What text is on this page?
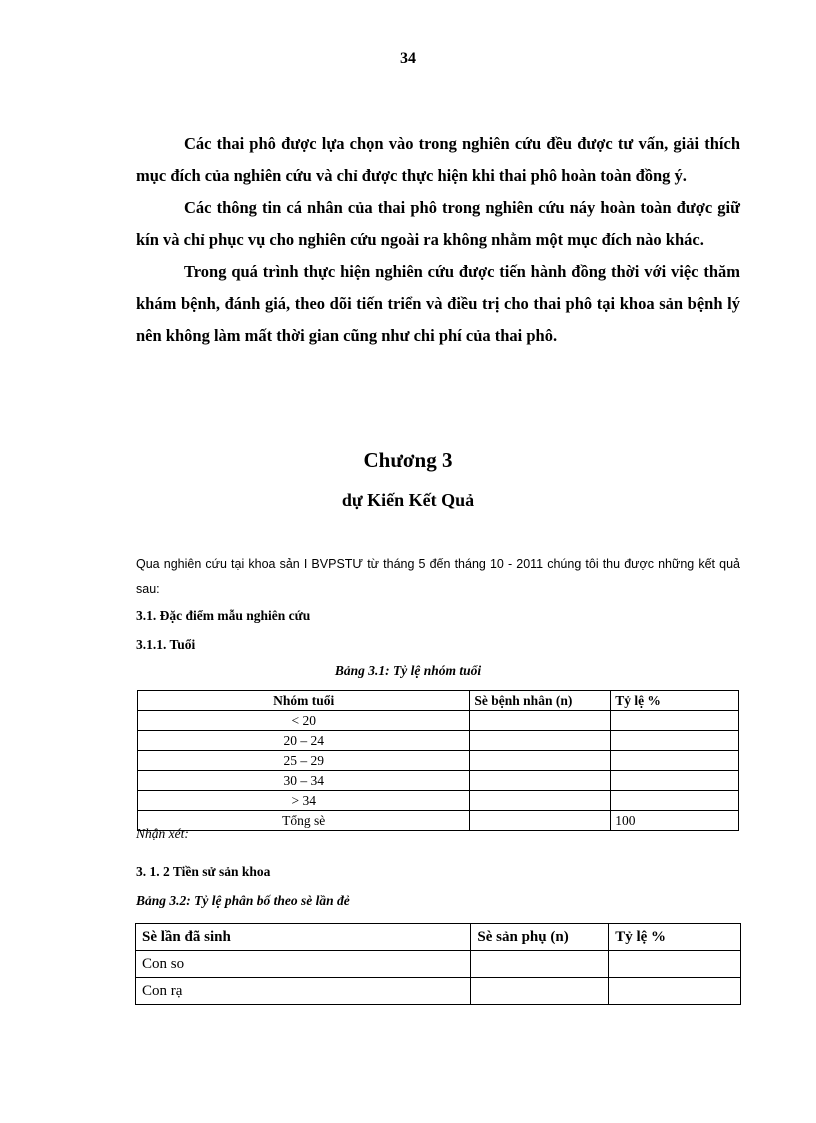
34

Các thai phô được lựa chọn vào trong nghiên cứu đều được tư vấn, giải thích mục đích của nghiên cứu và chỉ được thực hiện khi thai phô hoàn toàn đồng ý.

Các thông tin cá nhân của thai phô trong nghiên cứu náy hoàn toàn được giữ kín và chỉ phục vụ cho nghiên cứu ngoài ra không nhằm một mục đích nào khác.

Trong quá trình thực hiện nghiên cứu được tiến hành đồng thời với việc thăm khám bệnh, đánh giá, theo dõi tiến triển và điều trị cho thai phô tại khoa sản bệnh lý nên không làm mất thời gian cũng như chi phí của thai phô.

Chương 3
dự Kiến Kết Quả
Qua nghiên cứu tại khoa sản I BVPSTƯ từ tháng 5 đến tháng 10 - 2011 chúng tôi thu được những kết quả sau:
3.1. Đặc điểm mẫu nghiên cứu
3.1.1. Tuổi
Bảng 3.1: Tỷ lệ nhóm tuổi
Nhóm tuổi	Sè bệnh nhân (n)	Tỷ lệ %
< 20		
20 – 24		
25 – 29		
30 – 34		
> 34		
Tổng sè		100
Nhận xét:
3. 1. 2 Tiền sử sản khoa
Bảng 3.2: Tỷ lệ phân bố theo sè lần đẻ
Sè lần đã sinh	Sè sản phụ (n)	Tỷ lệ %
Con so		
Con rạ		
